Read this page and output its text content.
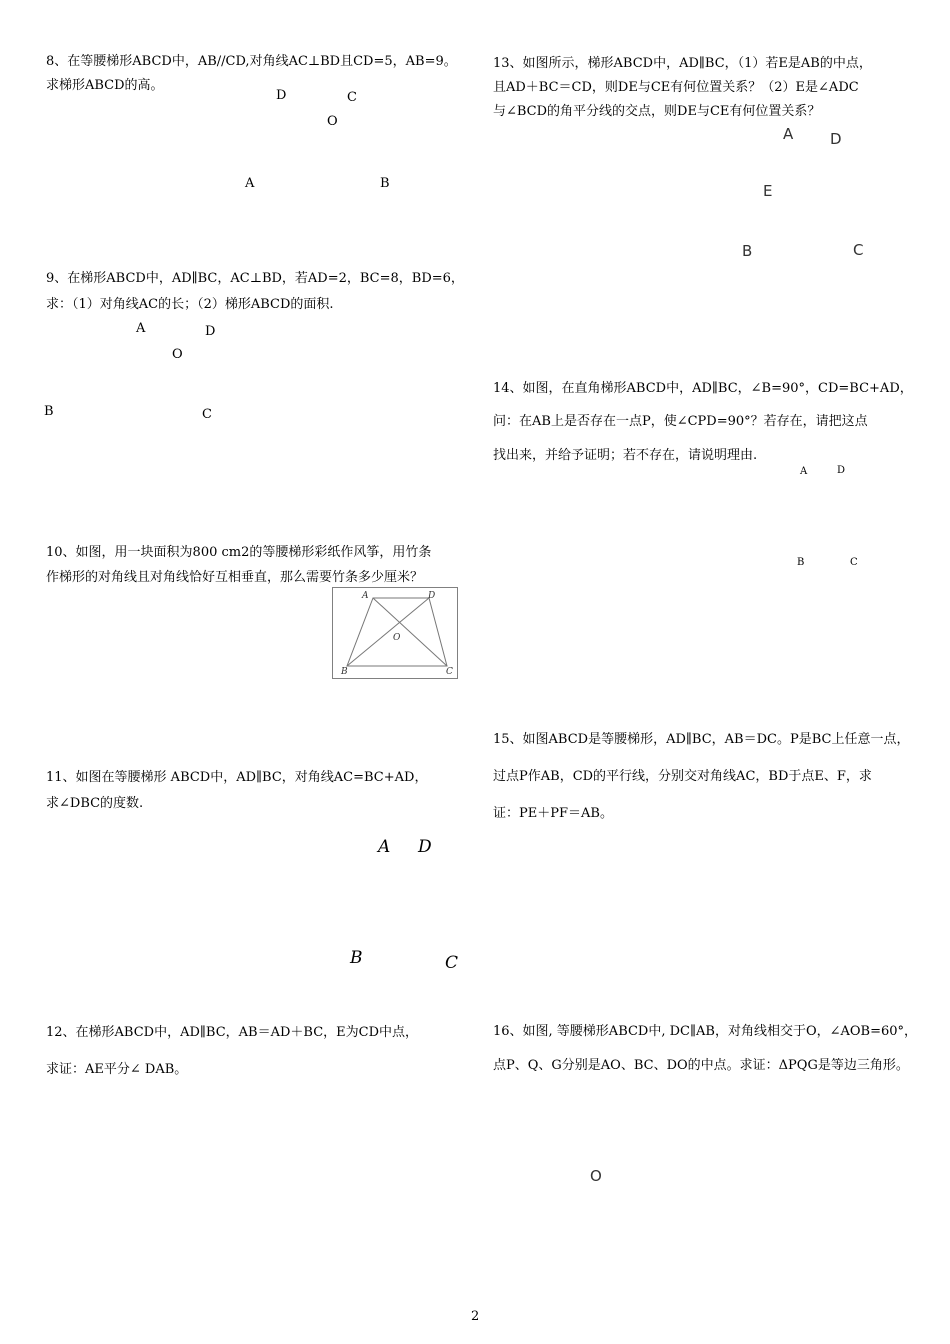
8、在等腰梯形ABCD中，AB//CD,对角线AC⊥BD且CD=5，AB=9。

求梯形ABCD的高。

D	C
O
A	B

9、在梯形ABCD中，AD∥BC，AC⊥BD，若AD=2，BC=8，BD=6，

求：（1）对角线AC的长；（2）梯形ABCD的面积.

A	D
O
B	C

10、如图，用一块面积为800 cm2的等腰梯形彩纸作风筝，用竹条

作梯形的对角线且对角线恰好互相垂直，那么需要竹条多少厘米？

A	D
O
B	C

11、如图在等腰梯形 ABCD中，AD∥BC，对角线AC=BC+AD，

求∠DBC的度数.

A D
B	C

12、在梯形ABCD中，AD∥BC，AB＝AD＋BC，E为CD中点，

求证：AE平分∠ DAB。

13、如图所示，梯形ABCD中，AD∥BC，（1）若E是AB的中点，

且AD＋BC＝CD，则DE与CE有何位置关系？（2）E是∠ADC

与∠BCD的角平分线的交点，则DE与CE有何位置关系？

A D
E
B	C

14、如图，在直角梯形ABCD中，AD∥BC，∠B=90°，CD=BC+AD，

问：在AB上是否存在一点P，使∠CPD=90°？若存在，请把这点

找出来，并给予证明；若不存在，请说明理由.

A	D
B	C

15、如图ABCD是等腰梯形，AD∥BC，AB＝DC。P是BC上任意一点，

过点P作AB，CD的平行线，分别交对角线AC，BD于点E、F，求

证：PE＋PF＝AB。

16、如图, 等腰梯形ABCD中, DC∥AB，对角线相交于O，∠AOB=60°，

点P、Q、G分别是AO、BC、DO的中点。求证：ΔPQG是等边三角形。

O
2
